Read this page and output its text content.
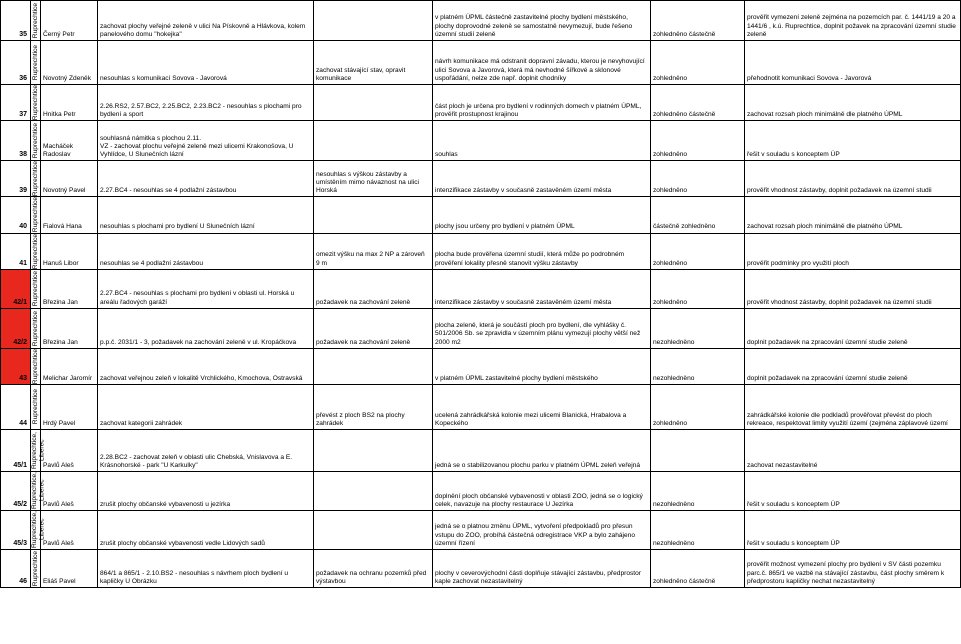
35	Ruprechtice	Černý Petr	zachovat plochy veřejné zeleně v ulici Na Pískovně a Hlávkova, kolem panelového domu "hokejka"		v platném ÚPML částečně zastavitelné plochy bydlení městského, plochy doprovodné zeleně se samostatně nevymezují, bude řešeno územní studií zeleně	zohledněno částečně	prověřit vymezení zeleně zejména na pozemcích par. č. 1441/19 a 20 a 1441/6 , k.ú. Ruprechtice, doplnit požavek na zpracování územní studie zeleně
36	Ruprechtice	Novotný Zdeněk	nesouhlas s komunikací Sovova - Javorová	zachovat stávající stav, opravit komunikace	návrh komunikace má odstranit dopravní závadu, kterou je nevyhovující ulici Sovova a Javorová, která má nevhodné šířkové a sklonové uspořádání, nelze zde např. doplnit chodníky	zohledněno	přehodnotit komunikaci Sovova - Javorová
37	Ruprechtice	Hnitka Petr	2.26.RS2, 2.57.BC2, 2.25.BC2, 2.23.BC2 - nesouhlas s plochami pro bydlení a sport		část ploch je určena pro bydlení v rodinných domech v platném ÚPML, prověřit prostupnost krajinou	zohledněno částečně	zachovat rozsah ploch minimálně dle platného ÚPML
38	Ruprechtice	Macháček Radoslav	souhlasná námitka s plochou 2.11.
VZ - zachovat plochu veřejné zeleně mezi ulicemi Krakonošova, U Vyhlídce, U Slunečních lázní		souhlas	zohledněno	řešit v souladu s konceptem ÚP
39	Ruprechtice	Novotný Pavel	2.27.BC4 - nesouhlas se 4 podlažní zástavbou	nesouhlas s výškou zástavby a umístěním mimo návaznost na ulici Horská	intenzifikace zástavby v současně zastavěném území města	zohledněno	prověřit vhodnost zástavby, doplnit požadavek na územní studii
40	Ruprechtice	Fialová Hana	nesouhlas s plochami pro bydlení U Slunečních lázní		plochy jsou určeny pro bydlení v platném ÚPML	částečně zohledněno	zachovat rozsah ploch minimálně dle platného ÚPML
41	Ruprechtice	Hanuš Libor	nesouhlas se 4 podlažní zástavbou	omezit výšku na max 2 NP a zároveň 9 m	plocha bude prověřena územní studií, která může po podrobném prověření lokality přesně stanovit výšku zástavby	zohledněno	prověřit podmínky pro využití ploch
42/1	Ruprechtice	Březina Jan	2.27.BC4 - nesouhlas s plochami pro bydlení v oblasti ul. Horská u areálu řadových garáží	požadavek na zachování zeleně	intenzifikace zástavby v současně zastavěném území města	zohledněno	prověřit vhodnost zástavby, doplnit požadavek na územní studii
42/2	Ruprechtice	Březina Jan	p.p.č. 2031/1 - 3, požadavek na zachování zeleně v ul. Kropáčkova	požadavek na zachování zeleně	plocha zeleně, která je součástí ploch pro bydlení, dle vyhlášky č. 501/2006 Sb. se zpravidla v územním plánu vymezují plochy větší než 2000 m2	nezohledněno	doplnit požadavek na zpracování územní studie zeleně
43	Ruprechtice	Melichar Jaromír	zachovat veřejnou zeleň v lokalitě Vrchlického, Kmochova, Ostravská		v platném ÚPML zastavitelné plochy bydlení městského	nezohledněno	doplnit požadavek na zpracování územní studie zeleně
44	Ruprechtice	Hrdý Pavel	zachovat kategorii zahrádek	převést z ploch BS2 na plochy zahrádek	ucelená zahrádkářská kolonie mezi ulicemi Blanická, Hrabalova a Kopeckého	zohledněno	zahrádkářské kolonie dle podkladů prověřovat převést do ploch rekreace, respektovat limity využití území (zejména záplavové území
45/1	Ruprechtice,
Liberec	Pavlů Aleš	2.28.BC2 - zachovat zeleň v oblasti ulic Chebská, Vnislavova a E. Krásnohorské - park "U Karkulky"		jedná se o stabilizovanou plochu parku v platném ÚPML zeleň veřejná		zachovat nezastavitelné
45/2	Ruprechtice,
Liberec	Pavlů Aleš	zrušit plochy občanské vybavenosti u jezírka		doplnění ploch občanské vybavenosti v oblasti ZOO, jedná se o logický celek, navazuje na plochy restaurace U Jezírka	nezohledněno	řešit v souladu s konceptem ÚP
45/3	Ruprechtice,
Liberec	Pavlů Aleš	zrušit plochy občanské vybavenosti vedle Lidových sadů		jedná se o platnou změnu ÚPML, vytvoření předpokladů pro přesun vstupu do ZOO, probíhá částečná odregistrace VKP a bylo zahájeno územní řízení	nezohledněno	řešit v souladu s konceptem ÚP
46	Ruprechtice	Eliáš Pavel	864/1 a 865/1 - 2.10.BS2 - nesouhlas s návrhem ploch bydlení u kapličky U Obrázku	požadavek na ochranu pozemků před výstavbou	plochy v ceverovýchodní části doplňuje stávající zástavbu, předprostor kaple zachovat nezastavitelný	zohledněno částečně	prověřit možnost vymezení plochy pro bydlení v SV části pozemku parc.č. 865/1 ve vazbě na stávající zástavbu, část plochy směrem k předprostoru kapličky nechat nezastavitelný
